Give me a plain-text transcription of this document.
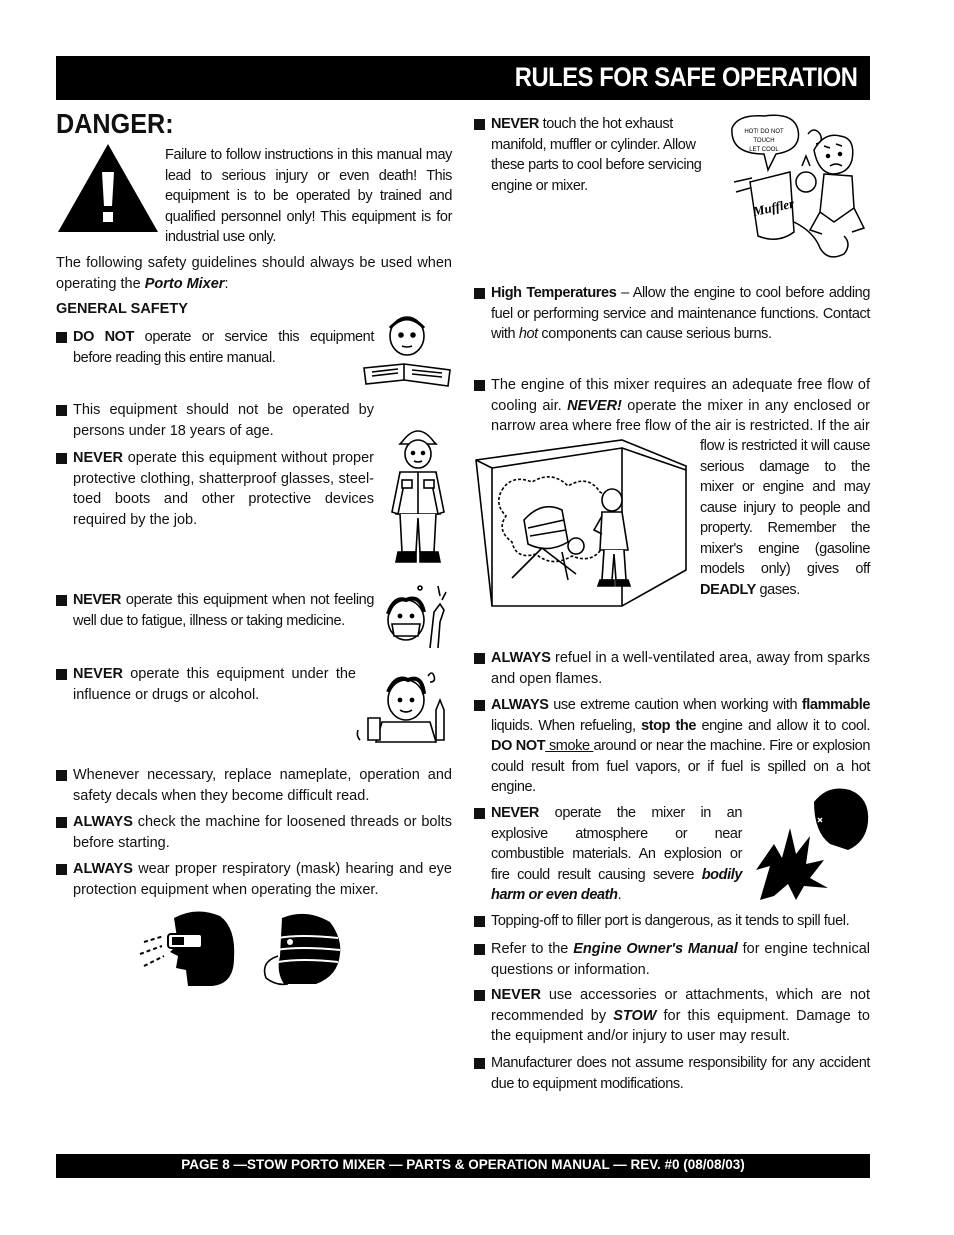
RULES FOR SAFE OPERATION
DANGER:
Failure to follow instructions in this manual may lead to serious injury or even death! This equipment is to be operated by trained and qualified personnel only! This equipment is for industrial use only.
The following safety guidelines should always be used when operating the Porto Mixer:
GENERAL SAFETY
DO NOT operate or service this equipment before reading this entire manual.
This equipment should not be operated by persons under 18 years of age.
NEVER operate this equipment without proper protective clothing, shatterproof glasses, steel-toed boots and other protective devices required by the job.
NEVER operate this equipment when not feeling well due to fatigue, illness or taking medicine.
NEVER operate this equipment under the influence or drugs or alcohol.
Whenever necessary, replace nameplate, operation and safety decals when they become difficult read.
ALWAYS check the machine for loosened threads or bolts before starting.
ALWAYS wear proper respiratory (mask) hearing and eye protection equipment when operating the mixer.
NEVER touch the hot exhaust manifold, muffler or cylinder. Allow these parts to cool before servicing engine or mixer.
HOT! DO NOT
TOUCH
LET COOL
Muffler
High Temperatures – Allow the engine to cool before adding fuel or performing service and maintenance functions. Contact with hot components can cause serious burns.
The engine of this mixer requires an adequate free flow of cooling air. NEVER! operate the mixer in any enclosed or narrow area where free flow of the air is restricted. If the air
flow is restricted it will cause serious damage to the mixer or engine and may cause injury to people and property. Remember the mixer's engine (gasoline models only) gives off DEADLY gases.
ALWAYS refuel in a well-ventilated area, away from sparks and open flames.
ALWAYS use extreme caution when working with flammable liquids. When refueling, stop the engine and allow it to cool. DO NOT smoke around or near the machine. Fire or explosion could result from fuel vapors, or if fuel is spilled on a hot engine.
NEVER operate the mixer in an explosive atmosphere or near combustible materials. An explosion or fire could result causing severe bodily harm or even death.
Topping-off to filler port is dangerous, as it tends to spill fuel.
Refer to the Engine Owner's Manual for engine technical questions or information.
NEVER use accessories or attachments, which are not recommended by STOW for this equipment. Damage to the equipment and/or injury to user may result.
Manufacturer does not assume responsibility for any accident due to equipment modifications.
PAGE 8 —STOW PORTO MIXER — PARTS & OPERATION MANUAL — REV. #0 (08/08/03)
